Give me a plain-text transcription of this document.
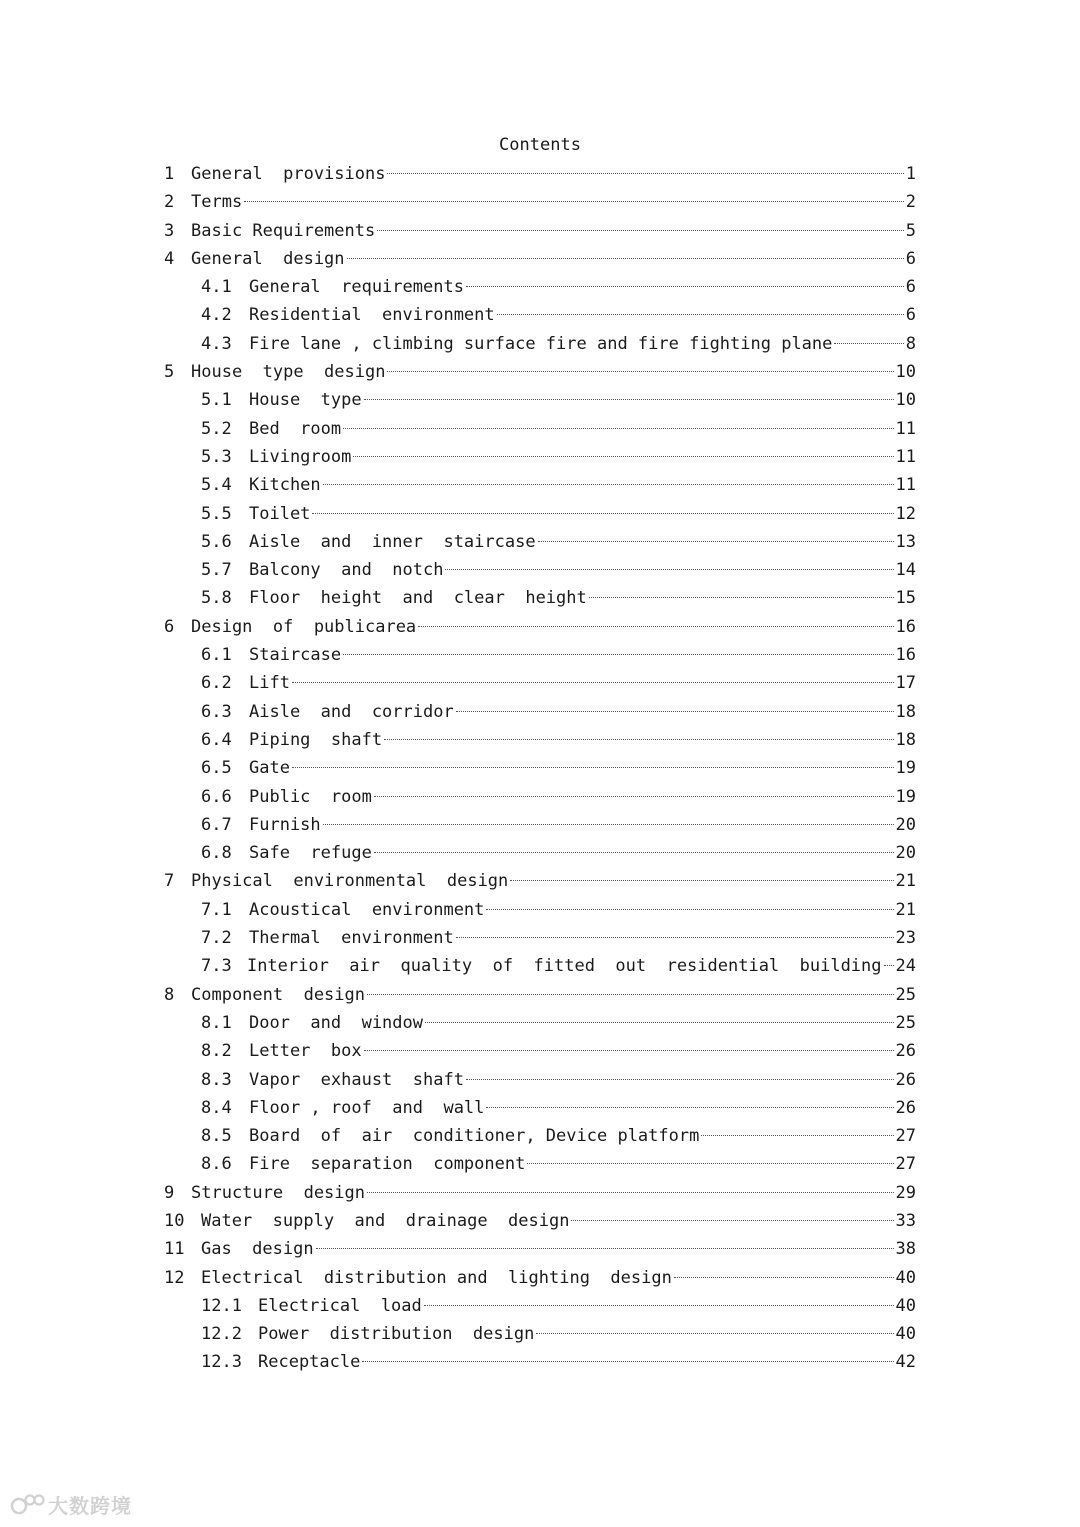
Contents
1 General  provisions	1
2 Terms	2
3 Basic Requirements	5
4 General  design	6
4.1	General  requirements	6
4.2	Residential  environment	6
4.3	Fire lane , climbing surface fire and fire fighting plane	8
5 House  type  design	10
5.1	House  type	10
5.2	Bed  room	11
5.3	Livingroom	11
5.4	Kitchen	11
5.5	Toilet	12
5.6	Aisle  and  inner  staircase	13
5.7	Balcony  and  notch	14
5.8	Floor  height  and  clear  height	15
6 Design  of  publicarea	16
6.1	Staircase	16
6.2	Lift	17
6.3	Aisle  and  corridor	18
6.4	Piping  shaft	18
6.5	Gate	19
6.6	Public  room	19
6.7	Furnish	20
6.8	Safe  refuge	20
7 Physical  environmental  design	21
7.1	Acoustical  environment	21
7.2	Thermal  environment	23
7.3 Interior  air  quality  of  fitted  out  residential  building 24
8 Component  design	25
8.1	Door  and  window	25
8.2	Letter  box	26
8.3	Vapor  exhaust  shaft	26
8.4	Floor , roof  and  wall	26
8.5	Board  of  air  conditioner, Device platform	27
8.6	Fire  separation  component	27
9 Structure  design	29
10 Water  supply  and  drainage  design	33
11 Gas  design	38
12 Electrical  distribution and  lighting  design	40
12.1 Electrical  load	40
12.2 Power  distribution  design	40
12.3 Receptacle	42
大数跨境
